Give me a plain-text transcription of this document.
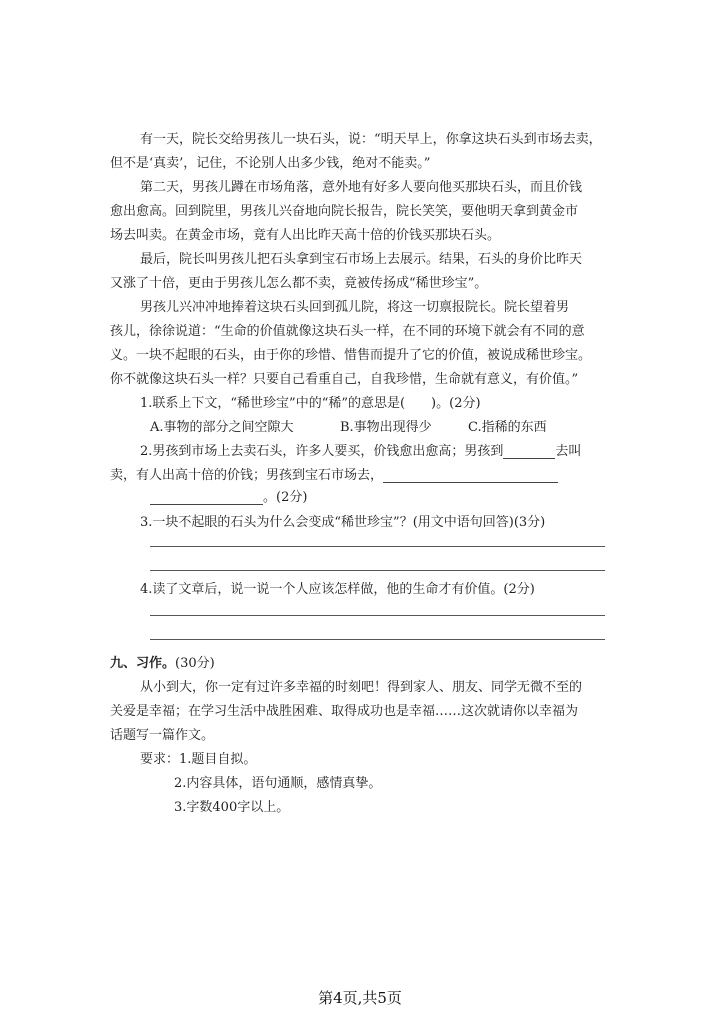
有一天，院长交给男孩儿一块石头，说：“明天早上，你拿这块石头到市场去卖，
但不是‘真卖’，记住，不论别人出多少钱，绝对不能卖。”
第二天，男孩儿蹲在市场角落，意外地有好多人要向他买那块石头，而且价钱
愈出愈高。回到院里，男孩儿兴奋地向院长报告，院长笑笑，要他明天拿到黄金市
场去叫卖。在黄金市场，竟有人出比昨天高十倍的价钱买那块石头。
最后，院长叫男孩儿把石头拿到宝石市场上去展示。结果，石头的身价比昨天
又涨了十倍，更由于男孩儿怎么都不卖，竟被传扬成“稀世珍宝”。
男孩儿兴冲冲地捧着这块石头回到孤儿院，将这一切禀报院长。院长望着男
孩儿，徐徐说道：“生命的价值就像这块石头一样，在不同的环境下就会有不同的意
义。一块不起眼的石头，由于你的珍惜、惜售而提升了它的价值，被说成稀世珍宝。
你不就像这块石头一样？只要自己看重自己，自我珍惜，生命就有意义，有价值。”
1.联系上下文，“稀世珍宝”中的“稀”的意思是(　　)。(2分)
A.事物的部分之间空隙大	B.事物出现得少	C.指稀的东西
2.男孩到市场上去卖石头，许多人要买，价钱愈出愈高；男孩到	去叫
卖，有人出高十倍的价钱；男孩到宝石市场去，
。(2分)
3.一块不起眼的石头为什么会变成“稀世珍宝”？(用文中语句回答)(3分)
4.读了文章后，说一说一个人应该怎样做，他的生命才有价值。(2分)
九、习作。(30分)
从小到大，你一定有过许多幸福的时刻吧！得到家人、朋友、同学无微不至的
关爱是幸福；在学习生活中战胜困难、取得成功也是幸福……这次就请你以幸福为
话题写一篇作文。
要求：1.题目自拟。
2.内容具体，语句通顺，感情真挚。
3.字数400字以上。
第4页,共5页
